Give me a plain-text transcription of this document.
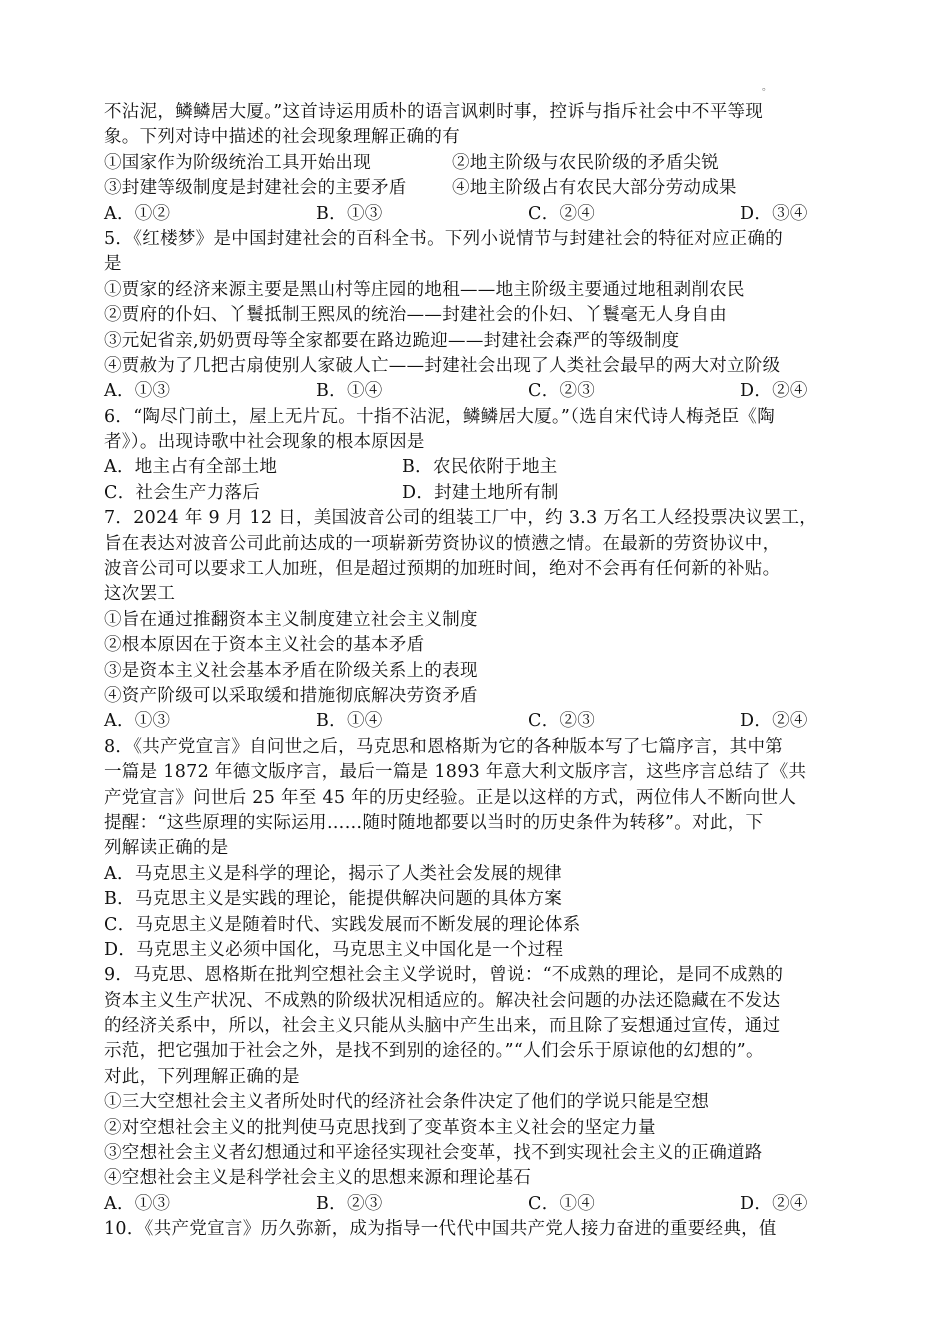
。
不沾泥，鳞鳞居大厦。”这首诗运用质朴的语言讽刺时事，控诉与指斥社会中不平等现
象。下列对诗中描述的社会现象理解正确的有
①国家作为阶级统治工具开始出现	②地主阶级与农民阶级的矛盾尖锐
③封建等级制度是封建社会的主要矛盾	④地主阶级占有农民大部分劳动成果
A．①②	B．①③	C．②④	D．③④
5．《红楼梦》是中国封建社会的百科全书。下列小说情节与封建社会的特征对应正确的
是
①贾家的经济来源主要是黑山村等庄园的地租——地主阶级主要通过地租剥削农民
②贾府的仆妇、丫鬟抵制王熙凤的统治——封建社会的仆妇、丫鬟毫无人身自由
③元妃省亲,奶奶贾母等全家都要在路边跪迎——封建社会森严的等级制度
④贾赦为了几把古扇使别人家破人亡——封建社会出现了人类社会最早的两大对立阶级
A．①③	B．①④	C．②③	D．②④
6．“陶尽门前土，屋上无片瓦。十指不沾泥，鳞鳞居大厦。”（选自宋代诗人梅尧臣《陶
者》）。出现诗歌中社会现象的根本原因是
A．地主占有全部土地	B．农民依附于地主
C．社会生产力落后	D．封建土地所有制
7．2024 年 9 月 12 日，美国波音公司的组装工厂中，约 3.3 万名工人经投票决议罢工，
旨在表达对波音公司此前达成的一项崭新劳资协议的愤懑之情。在最新的劳资协议中，
波音公司可以要求工人加班，但是超过预期的加班时间，绝对不会再有任何新的补贴。
这次罢工
①旨在通过推翻资本主义制度建立社会主义制度
②根本原因在于资本主义社会的基本矛盾
③是资本主义社会基本矛盾在阶级关系上的表现
④资产阶级可以采取缓和措施彻底解决劳资矛盾
A．①③	B．①④	C．②③	D．②④
8．《共产党宣言》自问世之后，马克思和恩格斯为它的各种版本写了七篇序言，其中第
一篇是 1872 年德文版序言，最后一篇是 1893 年意大利文版序言，这些序言总结了《共
产党宣言》问世后 25 年至 45 年的历史经验。正是以这样的方式，两位伟人不断向世人
提醒：“这些原理的实际运用……随时随地都要以当时的历史条件为转移”。对此，下
列解读正确的是
A．马克思主义是科学的理论，揭示了人类社会发展的规律
B．马克思主义是实践的理论，能提供解决问题的具体方案
C．马克思主义是随着时代、实践发展而不断发展的理论体系
D．马克思主义必须中国化，马克思主义中国化是一个过程
9．马克思、恩格斯在批判空想社会主义学说时，曾说：“不成熟的理论，是同不成熟的
资本主义生产状况、不成熟的阶级状况相适应的。解决社会问题的办法还隐藏在不发达
的经济关系中，所以，社会主义只能从头脑中产生出来，而且除了妄想通过宣传，通过
示范，把它强加于社会之外，是找不到别的途径的。”“人们会乐于原谅他的幻想的”。
对此，下列理解正确的是
①三大空想社会主义者所处时代的经济社会条件决定了他们的学说只能是空想
②对空想社会主义的批判使马克思找到了变革资本主义社会的坚定力量
③空想社会主义者幻想通过和平途径实现社会变革，找不到实现社会主义的正确道路
④空想社会主义是科学社会主义的思想来源和理论基石
A．①③	B．②③	C．①④	D．②④
10．《共产党宣言》历久弥新，成为指导一代代中国共产党人接力奋进的重要经典，值
